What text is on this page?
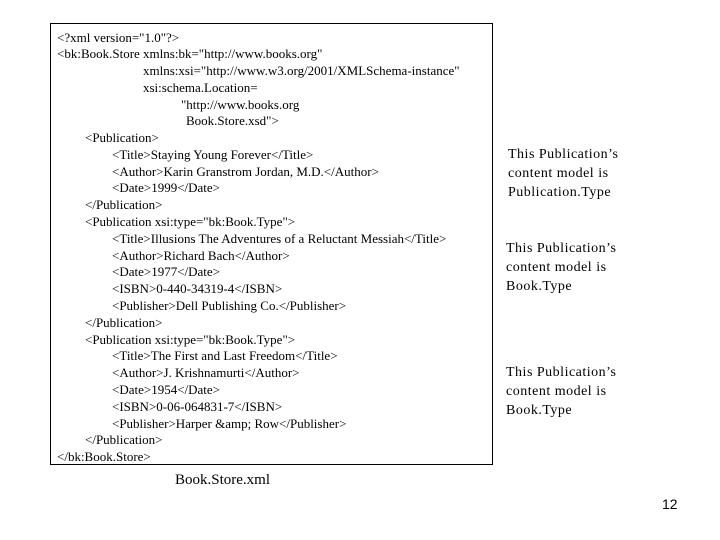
<?xml version="1.0"?>
<bk:Book.Store xmlns:bk="http://www.books.org"
xmlns:xsi="http://www.w3.org/2001/XMLSchema-instance"
xsi:schema.Location=
"http://www.books.org
Book.Store.xsd">
<Publication>
<Title>Staying Young Forever</Title>
<Author>Karin Granstrom Jordan, M.D.</Author>
<Date>1999</Date>
</Publication>
<Publication xsi:type="bk:Book.Type">
<Title>Illusions The Adventures of a Reluctant Messiah</Title>
<Author>Richard Bach</Author>
<Date>1977</Date>
<ISBN>0-440-34319-4</ISBN>
<Publisher>Dell Publishing Co.</Publisher>
</Publication>
<Publication xsi:type="bk:Book.Type">
<Title>The First and Last Freedom</Title>
<Author>J. Krishnamurti</Author>
<Date>1954</Date>
<ISBN>0-06-064831-7</ISBN>
<Publisher>Harper &amp; Row</Publisher>
</Publication>
</bk:Book.Store>
This Publication’s
content model is
Publication.Type
This Publication’s
content model is
Book.Type
This Publication’s
content model is
Book.Type
Book.Store.xml
12
